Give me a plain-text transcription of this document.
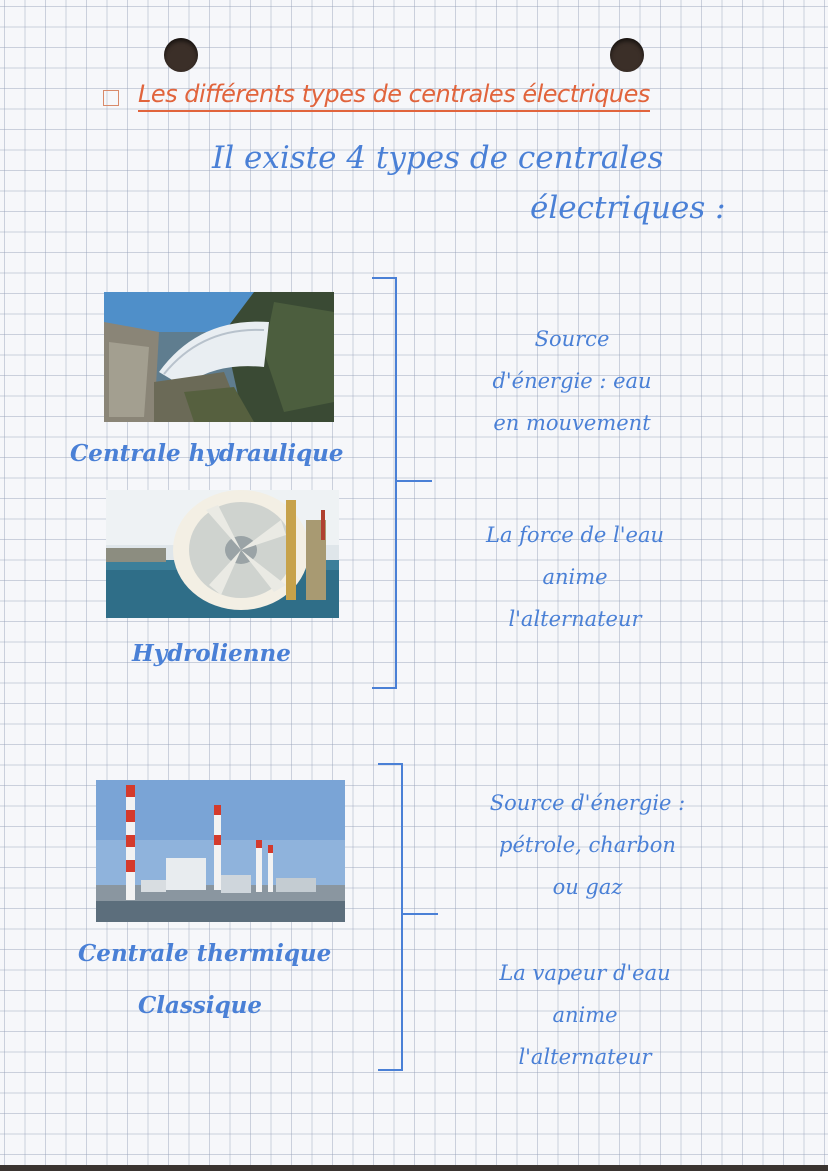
Les différents types de centrales électriques
Il existe 4 types de centrales
électriques :
Centrale hydraulique
Hydrolienne
Source
d'énergie : eau
en mouvement
La force de l'eau
anime
l'alternateur
Centrale thermique
Classique
Source d'énergie :
pétrole, charbon
ou gaz
La vapeur d'eau
anime
l'alternateur
